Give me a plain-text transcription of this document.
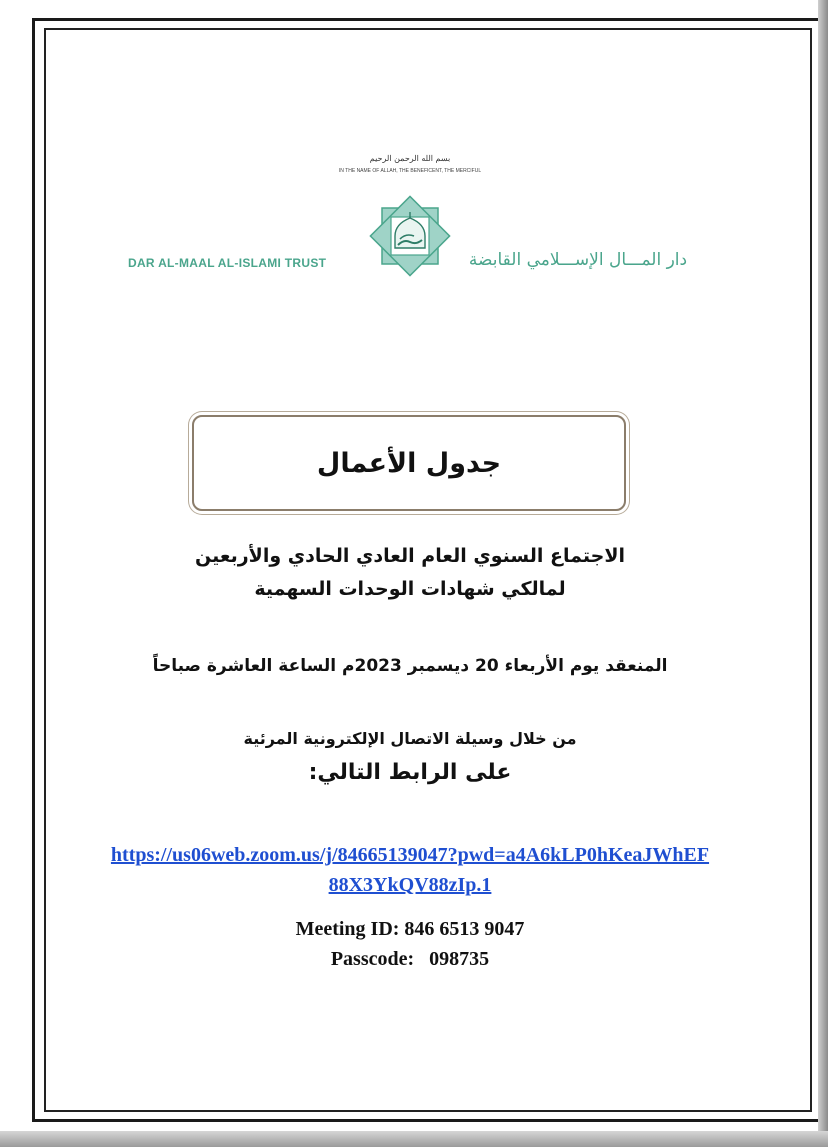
بسم الله الرحمن الرحيم
IN THE NAME OF ALLAH, THE BENEFICENT, THE MERCIFUL
DAR AL-MAAL AL-ISLAMI TRUST	دار المـــال الإســـلامي القابضة
جدول الأعمال
الاجتماع السنوي العام العادي الحادي والأربعين
لمالكي شهادات الوحدات السهمية
المنعقد يوم الأربعاء 20 ديسمبر 2023م الساعة العاشرة صباحاً
من خلال وسيلة الاتصال الإلكترونية المرئية
على الرابط التالي:
https://us06web.zoom.us/j/84665139047?pwd=a4A6kLP0hKeaJWhEF88X3YkQV88zIp.1
Meeting ID: 846 6513 9047
Passcode:   098735
